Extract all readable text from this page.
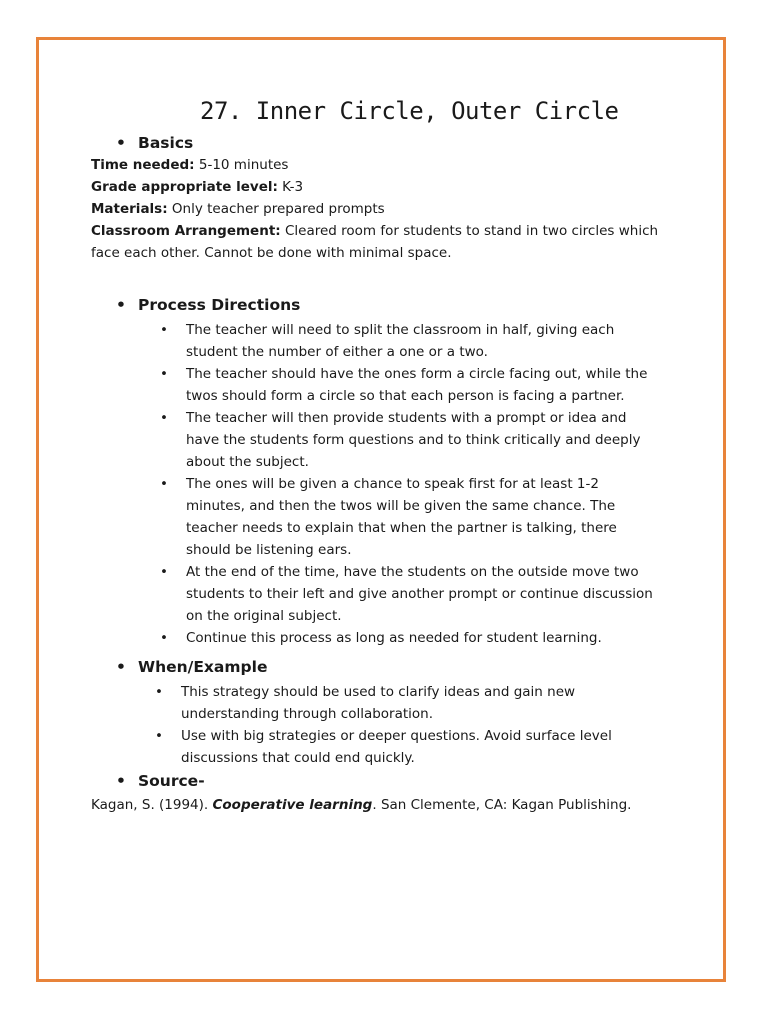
27. Inner Circle, Outer Circle
• Basics
Time needed: 5-10 minutes
Grade appropriate level: K-3
Materials: Only teacher prepared prompts
Classroom Arrangement: Cleared room for students to stand in two circles which
face each other. Cannot be done with minimal space.
• Process Directions
• The teacher will need to split the classroom in half, giving each
student the number of either a one or a two.
• The teacher should have the ones form a circle facing out, while the
twos should form a circle so that each person is facing a partner.
• The teacher will then provide students with a prompt or idea and
have the students form questions and to think critically and deeply
about the subject.
• The ones will be given a chance to speak first for at least 1-2
minutes, and then the twos will be given the same chance. The
teacher needs to explain that when the partner is talking, there
should be listening ears.
• At the end of the time, have the students on the outside move two
students to their left and give another prompt or continue discussion
on the original subject.
• Continue this process as long as needed for student learning.
• When/Example
• This strategy should be used to clarify ideas and gain new
understanding through collaboration.
• Use with big strategies or deeper questions. Avoid surface level
discussions that could end quickly.
• Source-
Kagan, S. (1994). Cooperative learning. San Clemente, CA: Kagan Publishing.
